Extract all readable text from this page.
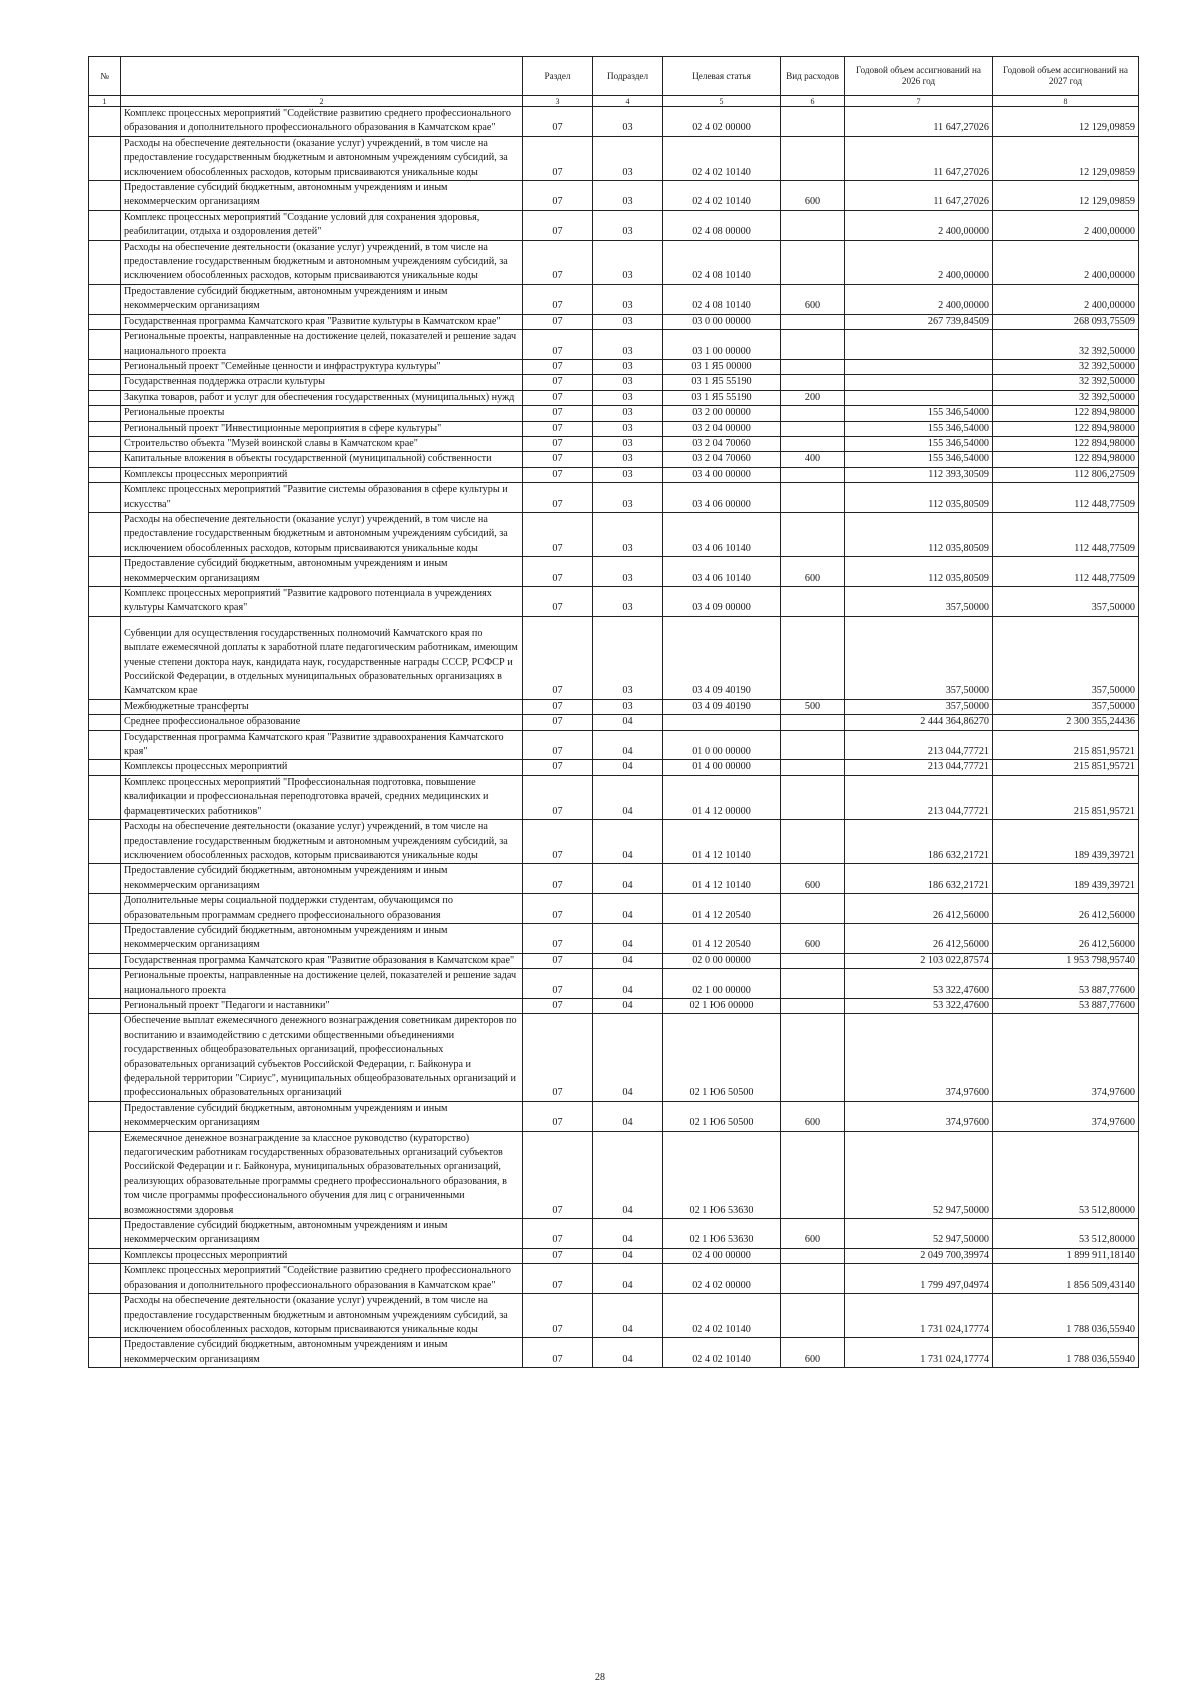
№		Раздел	Подраздел	Целевая статья	Вид расходов	Годовой объем ассигнований на 2026 год	Годовой объем ассигнований на 2027 год
1	2	3	4	5	6	7	8
	Комплекс процессных мероприятий "Содействие развитию среднего профессионального образования и дополнительного профессионального образования в Камчатском крае"	07	03	02 4 02 00000		11 647,27026	12 129,09859
	Расходы на обеспечение деятельности (оказание услуг) учреждений, в том числе на предоставление государственным бюджетным и автономным учреждениям субсидий, за исключением обособленных расходов, которым присваиваются уникальные коды	07	03	02 4 02 10140		11 647,27026	12 129,09859
	Предоставление субсидий бюджетным, автономным учреждениям и иным некоммерческим организациям	07	03	02 4 02 10140	600	11 647,27026	12 129,09859
	Комплекс процессных мероприятий "Создание условий для сохранения здоровья, реабилитации, отдыха и оздоровления детей"	07	03	02 4 08 00000		2 400,00000	2 400,00000
	Расходы на обеспечение деятельности (оказание услуг) учреждений, в том числе на предоставление государственным бюджетным и автономным учреждениям субсидий, за исключением обособленных расходов, которым присваиваются уникальные коды	07	03	02 4 08 10140		2 400,00000	2 400,00000
	Предоставление субсидий бюджетным, автономным учреждениям и иным некоммерческим организациям	07	03	02 4 08 10140	600	2 400,00000	2 400,00000
	Государственная программа Камчатского края "Развитие культуры в Камчатском крае"	07	03	03 0 00 00000		267 739,84509	268 093,75509
	Региональные проекты, направленные на достижение целей, показателей и решение задач национального проекта	07	03	03 1 00 00000			32 392,50000
	Региональный проект "Семейные ценности и инфраструктура культуры"	07	03	03 1 Я5 00000			32 392,50000
	Государственная поддержка отрасли культуры	07	03	03 1 Я5 55190			32 392,50000
	Закупка товаров, работ и услуг для обеспечения государственных (муниципальных) нужд	07	03	03 1 Я5 55190	200		32 392,50000
	Региональные проекты	07	03	03 2 00 00000		155 346,54000	122 894,98000
	Региональный проект "Инвестиционные мероприятия в сфере культуры"	07	03	03 2 04 00000		155 346,54000	122 894,98000
	Строительство объекта "Музей воинской славы в Камчатском крае"	07	03	03 2 04 70060		155 346,54000	122 894,98000
	Капитальные вложения в объекты государственной (муниципальной) собственности	07	03	03 2 04 70060	400	155 346,54000	122 894,98000
	Комплексы процессных мероприятий	07	03	03 4 00 00000		112 393,30509	112 806,27509
	Комплекс процессных мероприятий "Развитие системы образования в сфере культуры и искусства"	07	03	03 4 06 00000		112 035,80509	112 448,77509
	Расходы на обеспечение деятельности (оказание услуг) учреждений, в том числе на предоставление государственным бюджетным и автономным учреждениям субсидий, за исключением обособленных расходов, которым присваиваются уникальные коды	07	03	03 4 06 10140		112 035,80509	112 448,77509
	Предоставление субсидий бюджетным, автономным учреждениям и иным некоммерческим организациям	07	03	03 4 06 10140	600	112 035,80509	112 448,77509
	Комплекс процессных мероприятий "Развитие кадрового потенциала в учреждениях культуры Камчатского края"	07	03	03 4 09 00000		357,50000	357,50000
	Субвенции для осуществления государственных полномочий Камчатского края по выплате ежемесячной доплаты к заработной плате педагогическим работникам, имеющим ученые степени доктора наук, кандидата наук, государственные награды СССР, РСФСР и Российской Федерации, в отдельных муниципальных образовательных организациях в Камчатском крае	07	03	03 4 09 40190		357,50000	357,50000
	Межбюджетные трансферты	07	03	03 4 09 40190	500	357,50000	357,50000
	Среднее профессиональное образование	07	04			2 444 364,86270	2 300 355,24436
	Государственная программа Камчатского края "Развитие здравоохранения Камчатского края"	07	04	01 0 00 00000		213 044,77721	215 851,95721
	Комплексы процессных мероприятий	07	04	01 4 00 00000		213 044,77721	215 851,95721
	Комплекс процессных мероприятий "Профессиональная подготовка, повышение квалификации и профессиональная переподготовка врачей, средних медицинских и фармацевтических работников"	07	04	01 4 12 00000		213 044,77721	215 851,95721
	Расходы на обеспечение деятельности (оказание услуг) учреждений, в том числе на предоставление государственным бюджетным и автономным учреждениям субсидий, за исключением обособленных расходов, которым присваиваются уникальные коды	07	04	01 4 12 10140		186 632,21721	189 439,39721
	Предоставление субсидий бюджетным, автономным учреждениям и иным некоммерческим организациям	07	04	01 4 12 10140	600	186 632,21721	189 439,39721
	Дополнительные меры социальной поддержки студентам, обучающимся по образовательным программам среднего профессионального образования	07	04	01 4 12 20540		26 412,56000	26 412,56000
	Предоставление субсидий бюджетным, автономным учреждениям и иным некоммерческим организациям	07	04	01 4 12 20540	600	26 412,56000	26 412,56000
	Государственная программа Камчатского края "Развитие образования в Камчатском крае"	07	04	02 0 00 00000		2 103 022,87574	1 953 798,95740
	Региональные проекты, направленные на достижение целей, показателей и решение задач национального проекта	07	04	02 1 00 00000		53 322,47600	53 887,77600
	Региональный проект "Педагоги и наставники"	07	04	02 1 Ю6 00000		53 322,47600	53 887,77600
	Обеспечение выплат ежемесячного денежного вознаграждения советникам директоров по воспитанию и взаимодействию с детскими общественными объединениями государственных общеобразовательных организаций, профессиональных образовательных организаций субъектов Российской Федерации, г. Байконура и федеральной территории "Сириус", муниципальных общеобразовательных организаций и профессиональных образовательных организаций	07	04	02 1 Ю6 50500		374,97600	374,97600
	Предоставление субсидий бюджетным, автономным учреждениям и иным некоммерческим организациям	07	04	02 1 Ю6 50500	600	374,97600	374,97600
	Ежемесячное денежное вознаграждение за классное руководство (кураторство) педагогическим работникам государственных образовательных организаций субъектов Российской Федерации и г. Байконура, муниципальных образовательных организаций, реализующих образовательные программы среднего профессионального образования, в том числе программы профессионального обучения для лиц с ограниченными возможностями здоровья	07	04	02 1 Ю6 53630		52 947,50000	53 512,80000
	Предоставление субсидий бюджетным, автономным учреждениям и иным некоммерческим организациям	07	04	02 1 Ю6 53630	600	52 947,50000	53 512,80000
	Комплексы процессных мероприятий	07	04	02 4 00 00000		2 049 700,39974	1 899 911,18140
	Комплекс процессных мероприятий "Содействие развитию среднего профессионального образования и дополнительного профессионального образования в Камчатском крае"	07	04	02 4 02 00000		1 799 497,04974	1 856 509,43140
	Расходы на обеспечение деятельности (оказание услуг) учреждений, в том числе на предоставление государственным бюджетным и автономным учреждениям субсидий, за исключением обособленных расходов, которым присваиваются уникальные коды	07	04	02 4 02 10140		1 731 024,17774	1 788 036,55940
	Предоставление субсидий бюджетным, автономным учреждениям и иным некоммерческим организациям	07	04	02 4 02 10140	600	1 731 024,17774	1 788 036,55940
28
